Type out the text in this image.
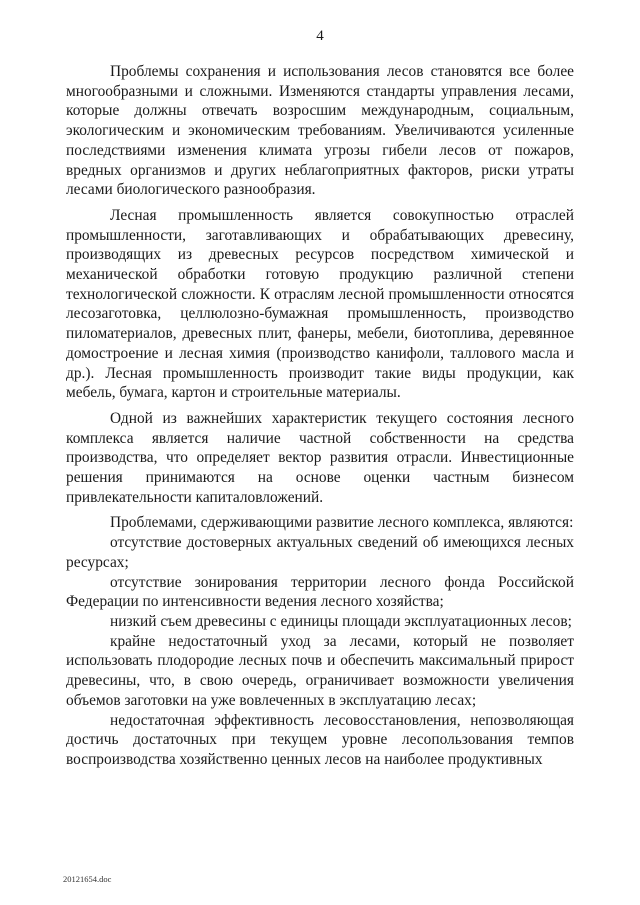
4

Проблемы сохранения и использования лесов становятся все более многообразными и сложными. Изменяются стандарты управления лесами, которые должны отвечать возросшим международным, социальным, экологическим и экономическим требованиям. Увеличиваются усиленные последствиями изменения климата угрозы гибели лесов от пожаров, вредных организмов и других неблагоприятных факторов, риски утраты лесами биологического разнообразия.

Лесная промышленность является совокупностью отраслей промышленности, заготавливающих и обрабатывающих древесину, производящих из древесных ресурсов посредством химической и механической обработки готовую продукцию различной степени технологической сложности. К отраслям лесной промышленности относятся лесозаготовка, целлюлозно-бумажная промышленность, производство пиломатериалов, древесных плит, фанеры, мебели, биотоплива, деревянное домостроение и лесная химия (производство канифоли, таллового масла и др.). Лесная промышленность производит такие виды продукции, как мебель, бумага, картон и строительные материалы.

Одной из важнейших характеристик текущего состояния лесного комплекса является наличие частной собственности на средства производства, что определяет вектор развития отрасли. Инвестиционные решения принимаются на основе оценки частным бизнесом привлекательности капиталовложений.

Проблемами, сдерживающими развитие лесного комплекса, являются:

отсутствие достоверных актуальных сведений об имеющихся лесных ресурсах;

отсутствие зонирования территории лесного фонда Российской Федерации по интенсивности ведения лесного хозяйства;

низкий съем древесины с единицы площади эксплуатационных лесов;

крайне недостаточный уход за лесами, который не позволяет использовать плодородие лесных почв и обеспечить максимальный прирост древесины, что, в свою очередь, ограничивает возможности увеличения объемов заготовки на уже вовлеченных в эксплуатацию лесах;

недостаточная эффективность лесовосстановления, непозволяющая достичь достаточных при текущем уровне лесопользования темпов воспроизводства хозяйственно ценных лесов на наиболее продуктивных

20121654.doc
